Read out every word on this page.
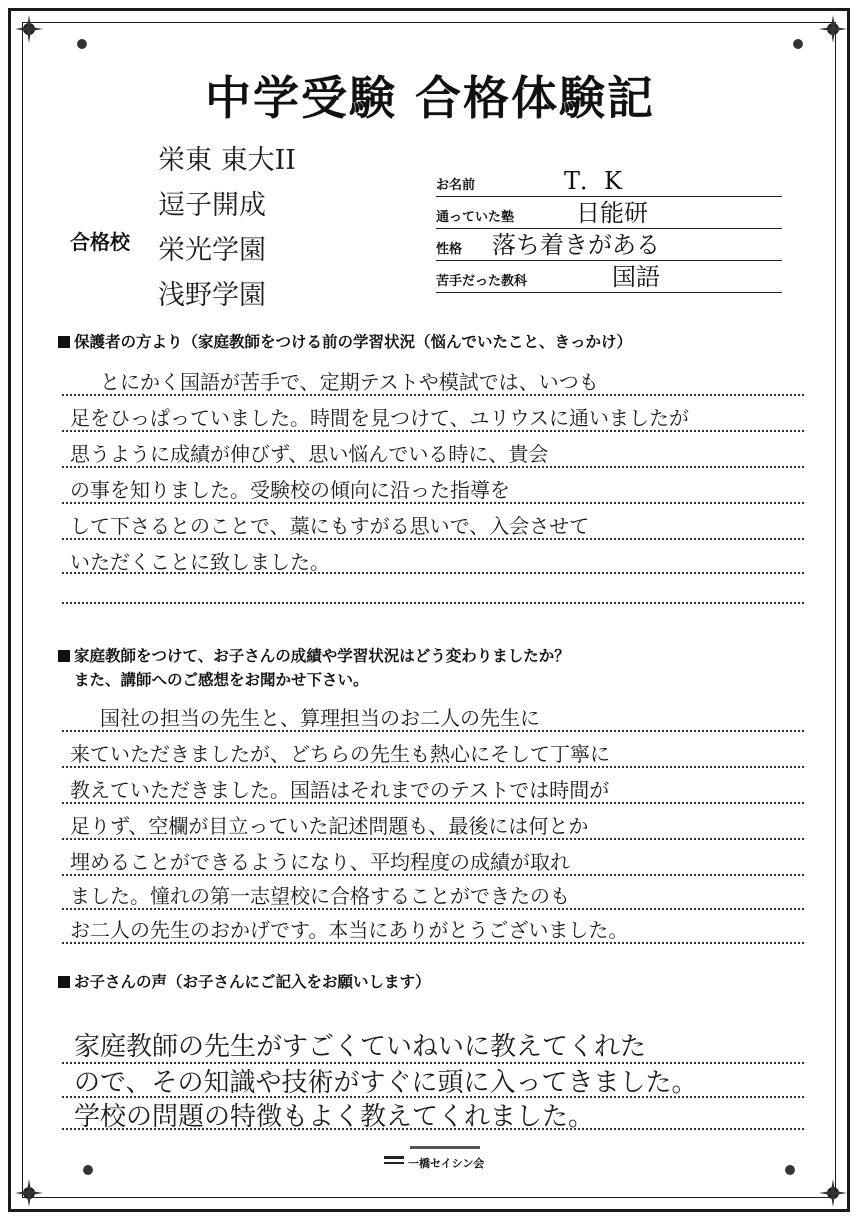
中学受験 合格体験記
栄東 東大II
逗子開成
栄光学園
浅野学園
合格校
お名前	T．K
通っていた塾	日能研
性格 落ち着きがある
苦手だった教科	国語
保護者の方より（家庭教師をつける前の学習状況（悩んでいたこと、きっかけ）
とにかく国語が苦手で、定期テストや模試では、いつも
足をひっぱっていました。時間を見つけて、ユリウスに通いましたが
思うように成績が伸びず、思い悩んでいる時に、貴会
の事を知りました。受験校の傾向に沿った指導を
して下さるとのことで、藁にもすがる思いで、入会させて
いただくことに致しました。
家庭教師をつけて、お子さんの成績や学習状況はどう変わりましたか？
また、講師へのご感想をお聞かせ下さい。
国社の担当の先生と、算理担当のお二人の先生に
来ていただきましたが、どちらの先生も熱心にそして丁寧に
教えていただきました。国語はそれまでのテストでは時間が
足りず、空欄が目立っていた記述問題も、最後には何とか
埋めることができるようになり、平均程度の成績が取れ
ました。憧れの第一志望校に合格することができたのも
お二人の先生のおかげです。本当にありがとうございました。
お子さんの声（お子さんにご記入をお願いします）
家庭教師の先生がすごくていねいに教えてくれた
ので、その知識や技術がすぐに頭に入ってきました。
学校の問題の特徴もよく教えてくれました。
一橋セイシン会
